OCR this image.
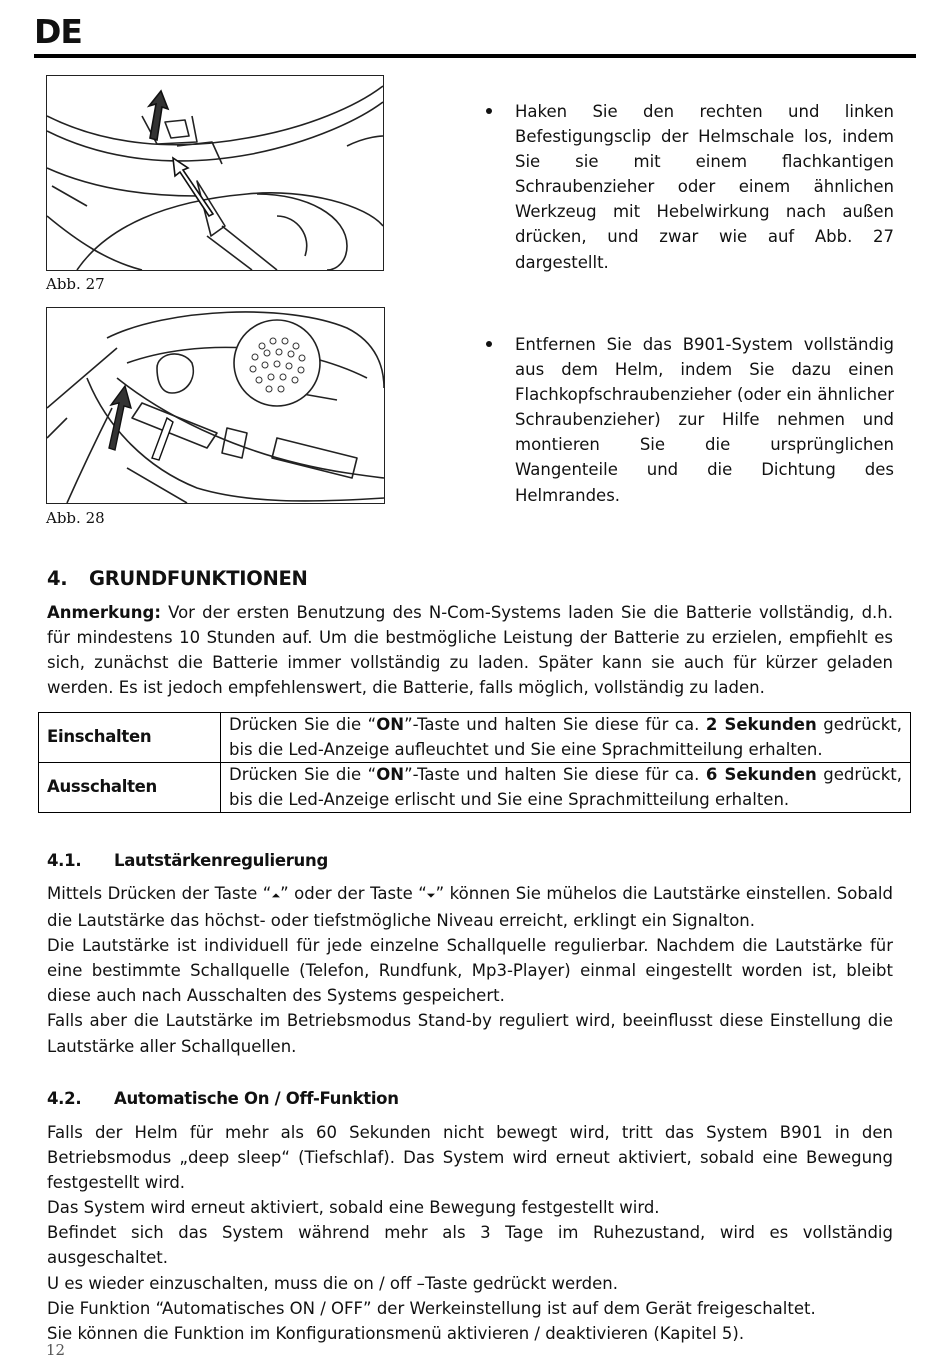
DE
Abb. 27
Abb. 28

Haken Sie den rechten und linken Befestigungsclip der Helmschale los, indem Sie sie mit einem flachkantigen Schraubenzieher oder einem ähnlichen Werkzeug mit Hebelwirkung nach außen drücken, und zwar wie auf Abb. 27 dargestellt.

Entfernen Sie das B901-System vollständig aus dem Helm, indem Sie dazu einen Flachkopfschraubenzieher (oder ein ähnlicher Schraubenzieher) zur Hilfe nehmen und montieren Sie die ursprünglichen Wangenteile und die Dichtung des Helmrandes.

4. GRUNDFUNKTIONEN

Anmerkung: Vor der ersten Benutzung des N-Com-Systems laden Sie die Batterie vollständig, d.h. für mindestens 10 Stunden auf. Um die bestmögliche Leistung der Batterie zu erzielen, empfiehlt es sich, zunächst die Batterie immer vollständig zu laden. Später kann sie auch für kürzer geladen werden. Es ist jedoch empfehlenswert, die Batterie, falls möglich, vollständig zu laden.

Einschalten	Drücken Sie die “ON”-Taste und halten Sie diese für ca. 2 Sekunden gedrückt, bis die Led-Anzeige aufleuchtet und Sie eine Sprachmitteilung erhalten.
Ausschalten	Drücken Sie die “ON”-Taste und halten Sie diese für ca. 6 Sekunden gedrückt, bis die Led-Anzeige erlischt und Sie eine Sprachmitteilung erhalten.
4.1. Lautstärkenregulierung
Mittels Drücken der Taste “⏶” oder der Taste “⏷” können Sie mühelos die Lautstärke einstellen. Sobald die Lautstärke das höchst- oder tiefstmögliche Niveau erreicht, erklingt ein Signalton.
Die Lautstärke ist individuell für jede einzelne Schallquelle regulierbar. Nachdem die Lautstärke für eine bestimmte Schallquelle (Telefon, Rundfunk, Mp3-Player) einmal eingestellt worden ist, bleibt diese auch nach Ausschalten des Systems gespeichert.
Falls aber die Lautstärke im Betriebsmodus Stand-by reguliert wird, beeinflusst diese Einstellung die Lautstärke aller Schallquellen.
4.2. Automatische On / Off-Funktion
Falls der Helm für mehr als 60 Sekunden nicht bewegt wird, tritt das System B901 in den Betriebsmodus „deep sleep“ (Tiefschlaf). Das System wird erneut aktiviert, sobald eine Bewegung festgestellt wird.
Das System wird erneut aktiviert, sobald eine Bewegung festgestellt wird.
Befindet sich das System während mehr als 3 Tage im Ruhezustand, wird es vollständig ausgeschaltet.
U es wieder einzuschalten, muss die on / off –Taste gedrückt werden.
Die Funktion “Automatisches ON / OFF” der Werkeinstellung ist auf dem Gerät freigeschaltet.
Sie können die Funktion im Konfigurationsmenü aktivieren / deaktivieren (Kapitel 5).
12
